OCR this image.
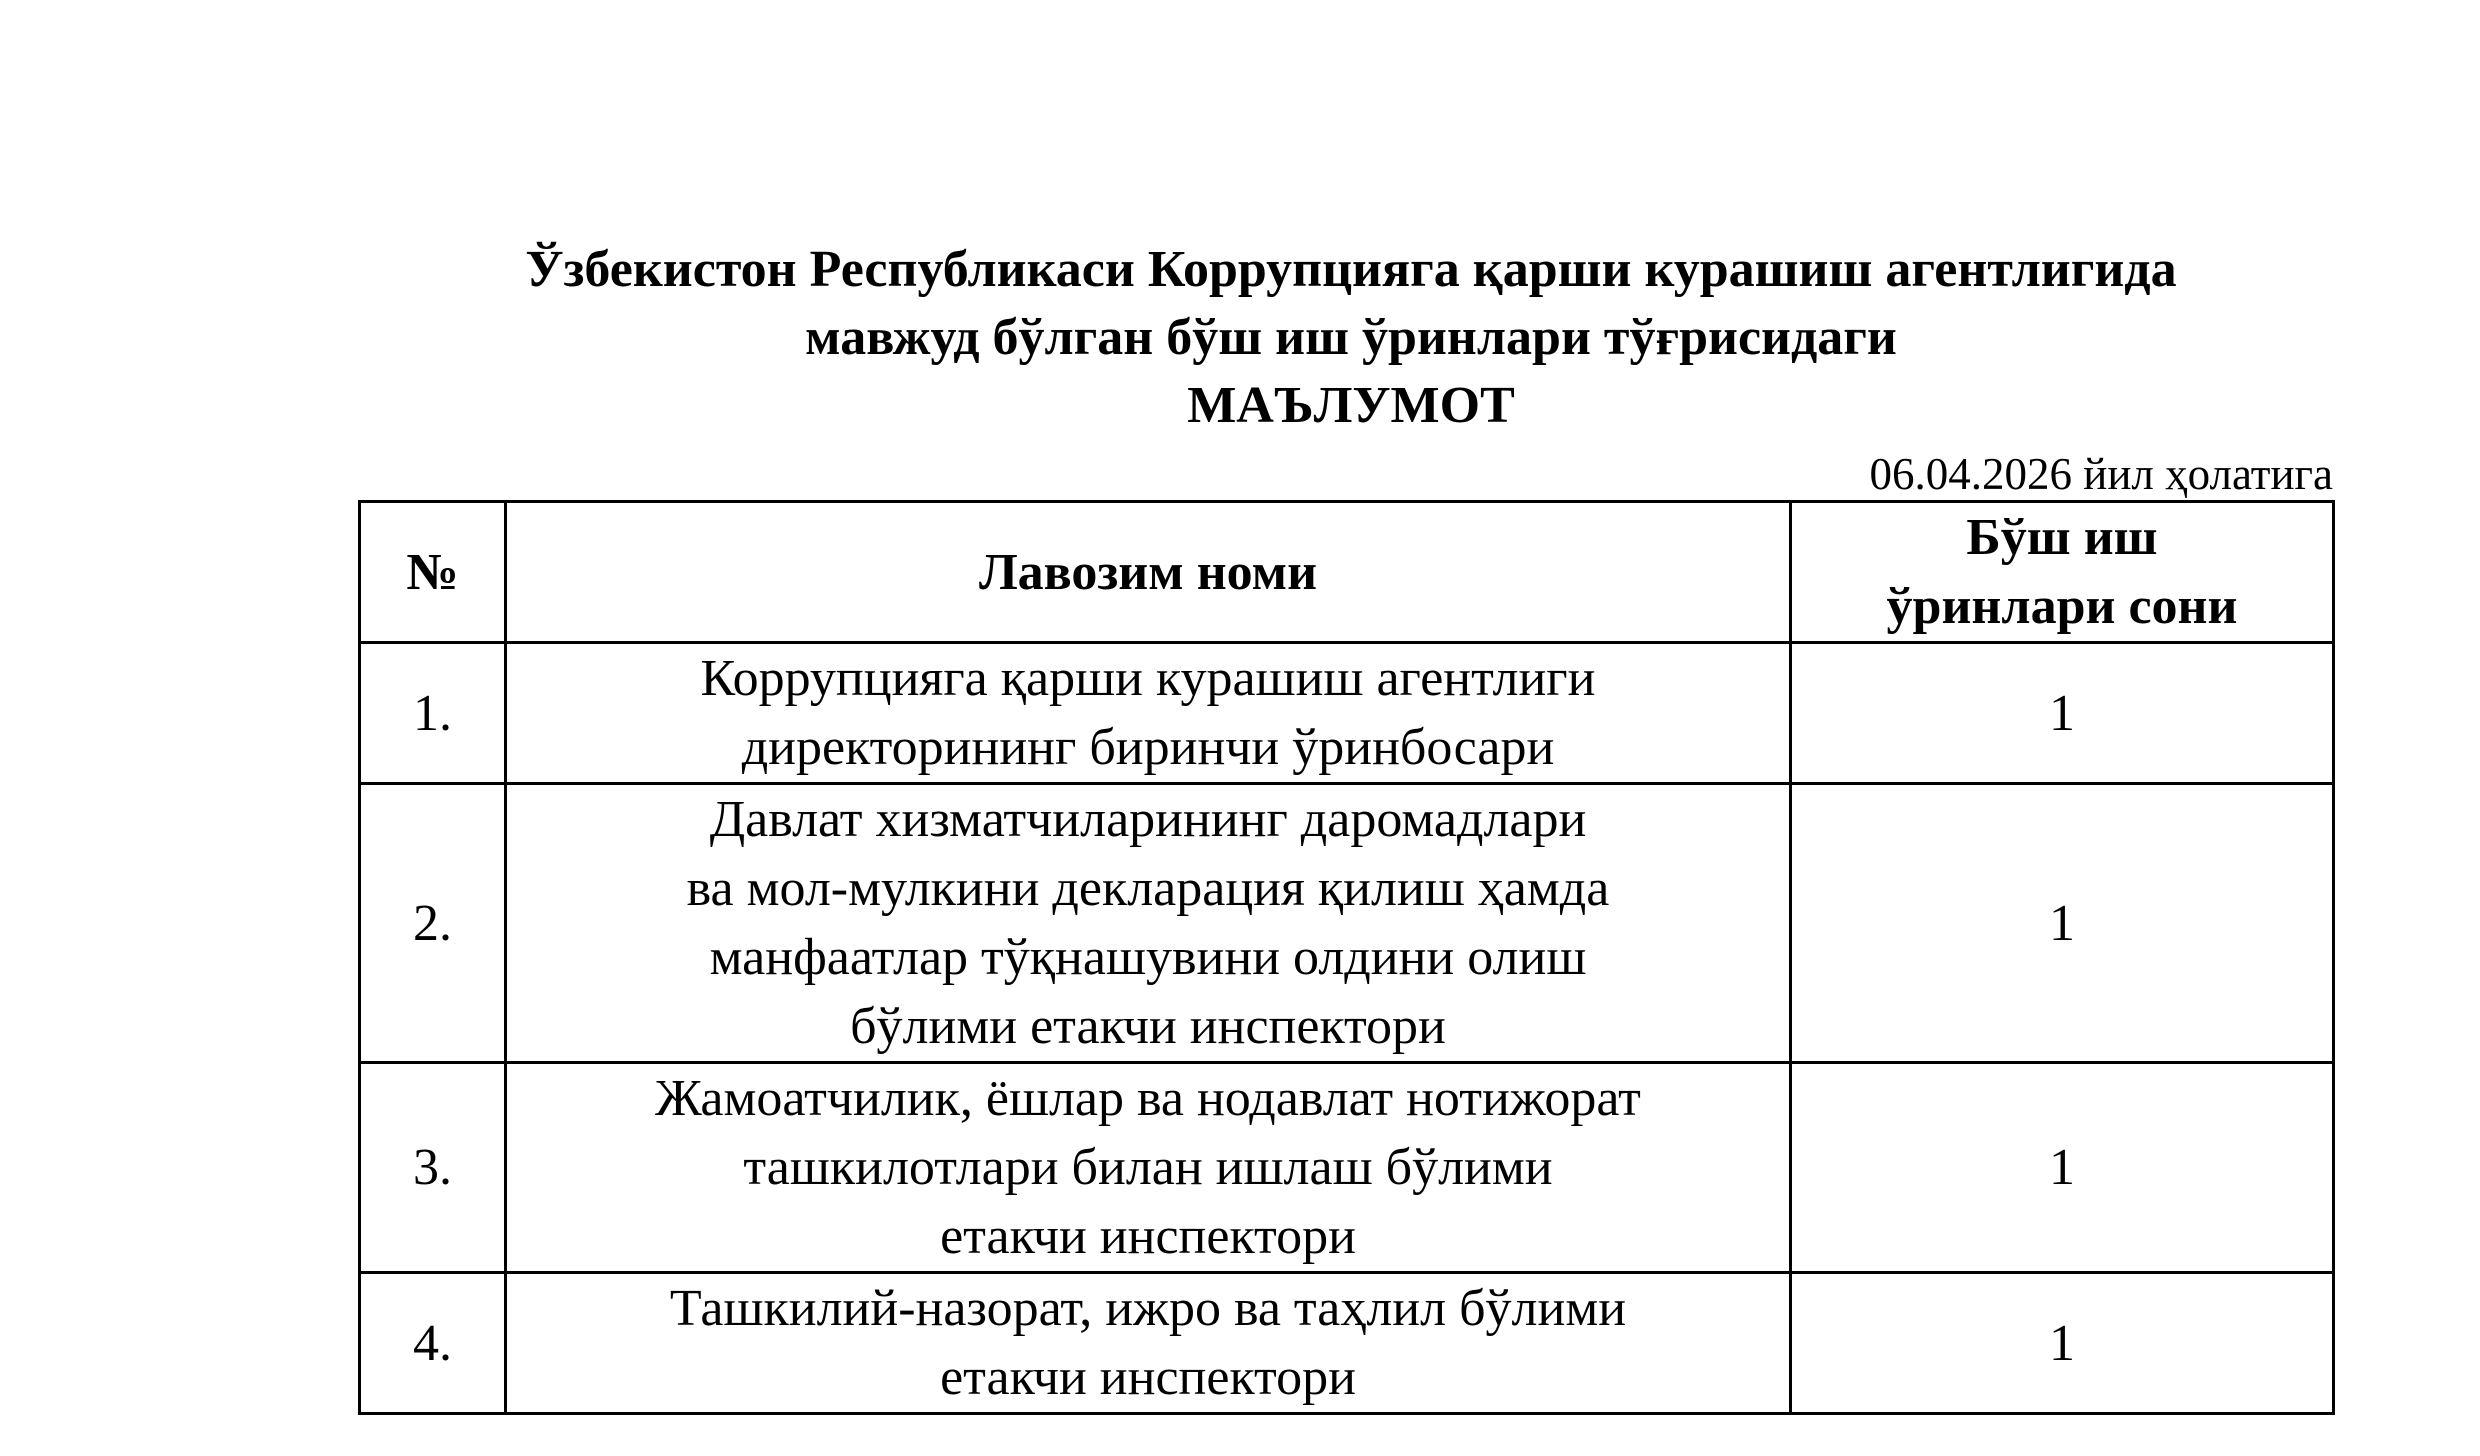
Ўзбекистон Республикаси Коррупцияга қарши курашиш агентлигида
мавжуд бўлган бўш иш ўринлари тўғрисидаги
МАЪЛУМОТ
06.04.2026 йил ҳолатига
№	Лавозим номи	Бўш иш
ўринлари сони

1.	Коррупцияга қарши курашиш агентлиги
директорининг биринчи ўринбосари	1
2.	Давлат хизматчиларининг даромадлари
ва мол-мулкини декларация қилиш ҳамда
манфаатлар тўқнашувини олдини олиш
бўлими етакчи инспектори	1
3.	Жамоатчилик, ёшлар ва нодавлат нотижорат
ташкилотлари билан ишлаш бўлими
етакчи инспектори	1
4.	Ташкилий-назорат, ижро ва таҳлил бўлими
етакчи инспектори	1
